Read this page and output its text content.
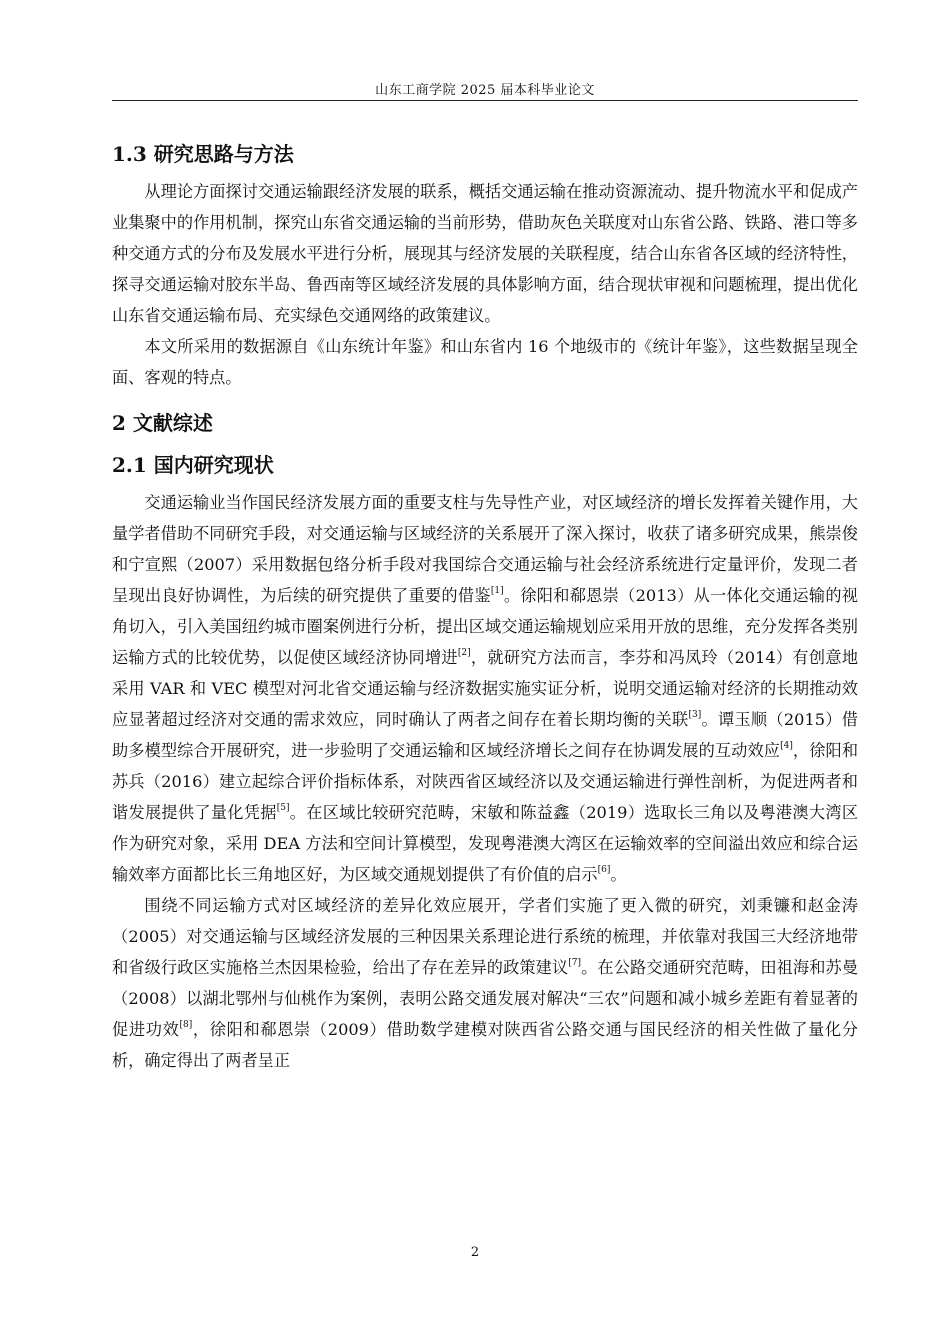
山东工商学院 2025 届本科毕业论文
1.3 研究思路与方法

从理论方面探讨交通运输跟经济发展的联系，概括交通运输在推动资源流动、提升物流水平和促成产业集聚中的作用机制，探究山东省交通运输的当前形势，借助灰色关联度对山东省公路、铁路、港口等多种交通方式的分布及发展水平进行分析，展现其与经济发展的关联程度，结合山东省各区域的经济特性，探寻交通运输对胶东半岛、鲁西南等区域经济发展的具体影响方面，结合现状审视和问题梳理，提出优化山东省交通运输布局、充实绿色交通网络的政策建议。

本文所采用的数据源自《山东统计年鉴》和山东省内 16 个地级市的《统计年鉴》，这些数据呈现全面、客观的特点。

2 文献综述
2.1 国内研究现状

交通运输业当作国民经济发展方面的重要支柱与先导性产业，对区域经济的增长发挥着关键作用，大量学者借助不同研究手段，对交通运输与区域经济的关系展开了深入探讨，收获了诸多研究成果，熊崇俊和宁宣熙（2007）采用数据包络分析手段对我国综合交通运输与社会经济系统进行定量评价，发现二者呈现出良好协调性，为后续的研究提供了重要的借鉴[1]。徐阳和郗恩崇（2013）从一体化交通运输的视角切入，引入美国纽约城市圈案例进行分析，提出区域交通运输规划应采用开放的思维，充分发挥各类别运输方式的比较优势，以促使区域经济协同增进[2]，就研究方法而言，李芬和冯凤玲（2014）有创意地采用 VAR 和 VEC 模型对河北省交通运输与经济数据实施实证分析，说明交通运输对经济的长期推动效应显著超过经济对交通的需求效应，同时确认了两者之间存在着长期均衡的关联[3]。谭玉顺（2015）借助多模型综合开展研究，进一步验明了交通运输和区域经济增长之间存在协调发展的互动效应[4]，徐阳和苏兵（2016）建立起综合评价指标体系，对陕西省区域经济以及交通运输进行弹性剖析，为促进两者和谐发展提供了量化凭据[5]。在区域比较研究范畴，宋敏和陈益鑫（2019）选取长三角以及粤港澳大湾区作为研究对象，采用 DEA 方法和空间计算模型，发现粤港澳大湾区在运输效率的空间溢出效应和综合运输效率方面都比长三角地区好，为区域交通规划提供了有价值的启示[6]。

围绕不同运输方式对区域经济的差异化效应展开，学者们实施了更入微的研究，刘秉镰和赵金涛（2005）对交通运输与区域经济发展的三种因果关系理论进行系统的梳理，并依靠对我国三大经济地带和省级行政区实施格兰杰因果检验，给出了存在差异的政策建议[7]。在公路交通研究范畴，田祖海和苏曼（2008）以湖北鄂州与仙桃作为案例，表明公路交通发展对解决“三农”问题和减小城乡差距有着显著的促进功效[8]，徐阳和郗恩崇（2009）借助数学建模对陕西省公路交通与国民经济的相关性做了量化分析，确定得出了两者呈正

2
